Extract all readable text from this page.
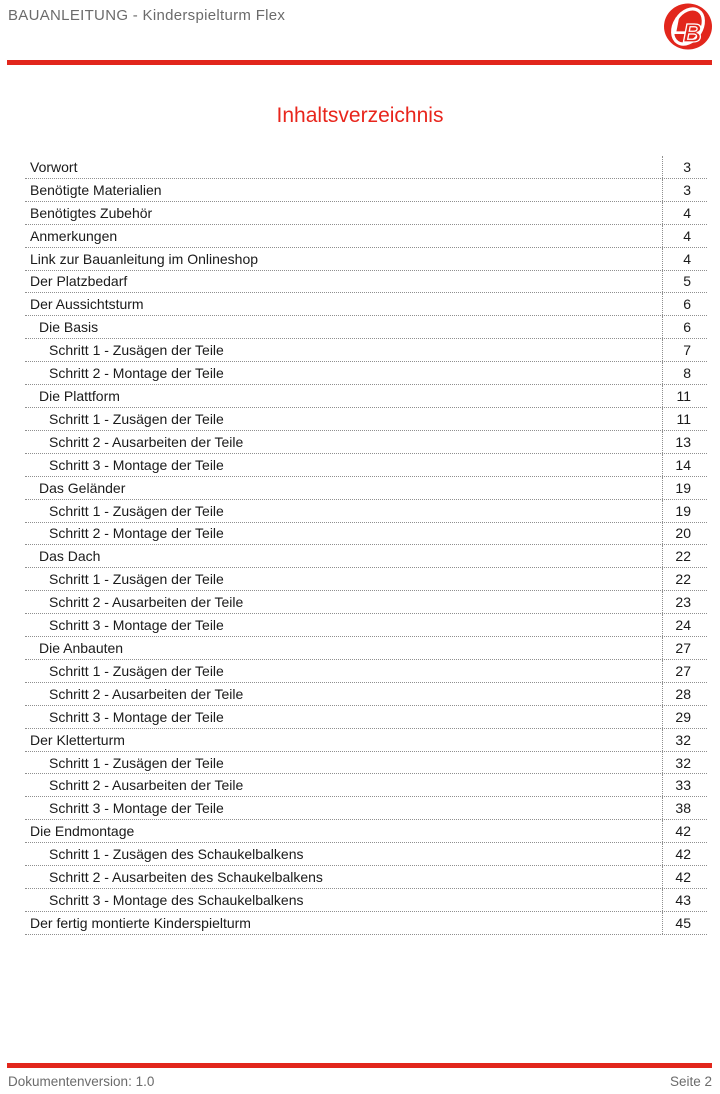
BAUANLEITUNG - Kinderspielturm Flex	L
B
Inhaltsverzeichnis
Vorwort	3
Benötigte Materialien	3
Benötigtes Zubehör	4
Anmerkungen	4
Link zur Bauanleitung im Onlineshop	4
Der Platzbedarf	5
Der Aussichtsturm	6
Die Basis	6
Schritt 1 - Zusägen der Teile	7
Schritt 2 - Montage der Teile	8
Die Plattform	11
Schritt 1 - Zusägen der Teile	11
Schritt 2 - Ausarbeiten der Teile	13
Schritt 3 - Montage der Teile	14
Das Geländer	19
Schritt 1 - Zusägen der Teile	19
Schritt 2 - Montage der Teile	20
Das Dach	22
Schritt 1 - Zusägen der Teile	22
Schritt 2 - Ausarbeiten der Teile	23
Schritt 3 - Montage der Teile	24
Die Anbauten	27
Schritt 1 - Zusägen der Teile	27
Schritt 2 - Ausarbeiten der Teile	28
Schritt 3 - Montage der Teile	29
Der Kletterturm	32
Schritt 1 - Zusägen der Teile	32
Schritt 2 - Ausarbeiten der Teile	33
Schritt 3 - Montage der Teile	38
Die Endmontage	42
Schritt 1 - Zusägen des Schaukelbalkens	42
Schritt 2 - Ausarbeiten des Schaukelbalkens	42
Schritt 3 - Montage des Schaukelbalkens	43
Der fertig montierte Kinderspielturm	45
Dokumentenversion: 1.0	Seite 2
